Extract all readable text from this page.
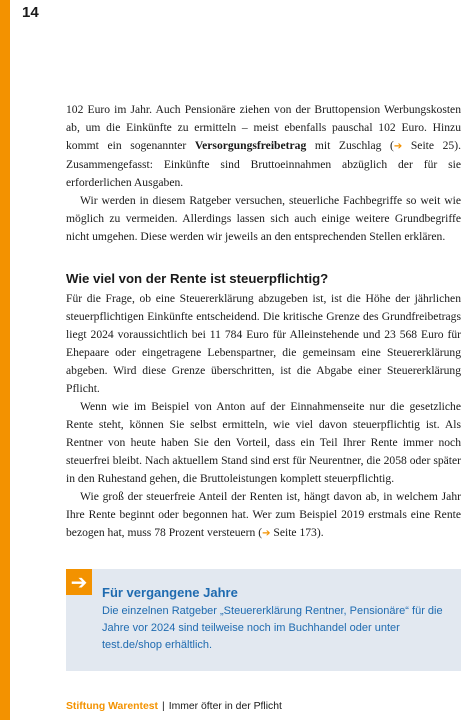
14

102 Euro im Jahr. Auch Pensionäre ziehen von der Bruttopension Werbungskosten ab, um die Einkünfte zu ermitteln – meist ebenfalls pauschal 102 Euro. Hinzu kommt ein sogenannter Versorgungsfreibetrag mit Zuschlag (➔ Seite 25). Zusammengefasst: Einkünfte sind Bruttoeinnahmen abzüglich der für sie erforderlichen Ausgaben.

Wir werden in diesem Ratgeber versuchen, steuerliche Fachbegriffe so weit wie möglich zu vermeiden. Allerdings lassen sich auch einige weitere Grundbegriffe nicht umgehen. Diese werden wir jeweils an den entsprechenden Stellen erklären.

Wie viel von der Rente ist steuerpflichtig?

Für die Frage, ob eine Steuererklärung abzugeben ist, ist die Höhe der jährlichen steuerpflichtigen Einkünfte entscheidend. Die kritische Grenze des Grundfreibetrags liegt 2024 voraussichtlich bei 11 784 Euro für Alleinstehende und 23 568 Euro für Ehepaare oder eingetragene Lebenspartner, die gemeinsam eine Steuererklärung abgeben. Wird diese Grenze überschritten, ist die Abgabe einer Steuererklärung Pflicht.

Wenn wie im Beispiel von Anton auf der Einnahmenseite nur die gesetzliche Rente steht, können Sie selbst ermitteln, wie viel davon steuerpflichtig ist. Als Rentner von heute haben Sie den Vorteil, dass ein Teil Ihrer Rente immer noch steuerfrei bleibt. Nach aktuellem Stand sind erst für Neurentner, die 2058 oder später in den Ruhestand gehen, die Bruttoleistungen komplett steuerpflichtig.

Wie groß der steuerfreie Anteil der Renten ist, hängt davon ab, in welchem Jahr Ihre Rente beginnt oder begonnen hat. Wer zum Beispiel 2019 erstmals eine Rente bezogen hat, muss 78 Prozent versteuern (➔ Seite 173).

➔	Für vergangene Jahre
Die einzelnen Ratgeber „Steuererklärung Rentner, Pensionäre“ für die Jahre vor 2024 sind teilweise noch im Buchhandel oder unter test.de/shop erhältlich.
Stiftung Warentest | Immer öfter in der Pflicht
